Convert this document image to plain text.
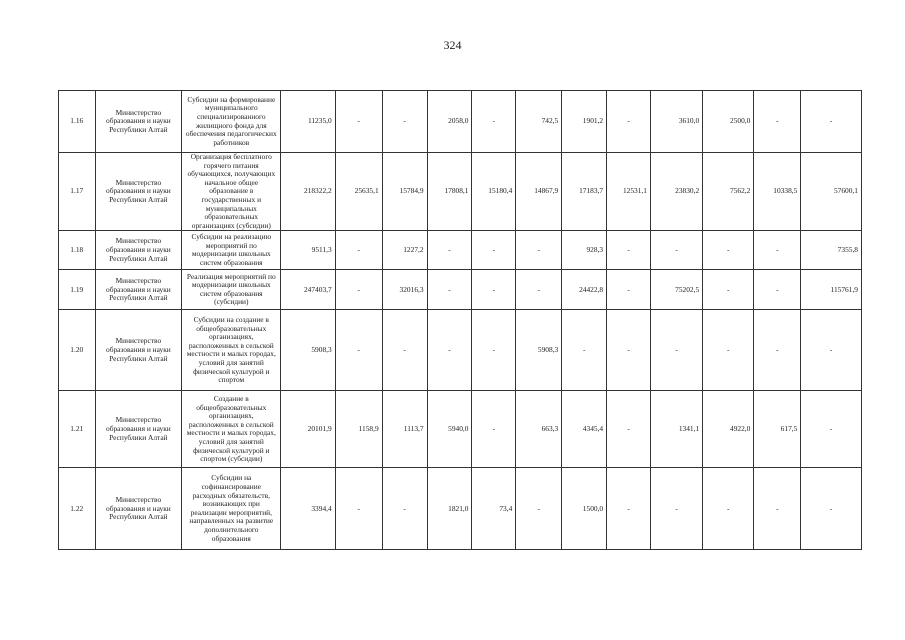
324
1.16	Министерство образования и науки Республики Алтай	Субсидии на формирование муниципального специализированного жилищного фонда для обеспечения педагогических работников	11235,0	-	-	2058,0	-	742,5	1901,2	-	3610,0	2500,0	-	-
1.17	Министерство образования и науки Республики Алтай	Организация бесплатного горячего питания обучающихся, получающих начальное общее образование в государственных и муниципальных образовательных организациях (субсидии)	218322,2	25635,1	15784,9	17808,1	15180,4	14867,9	17183,7	12531,1	23830,2	7562,2	10338,5	57600,1
1.18	Министерство образования и науки Республики Алтай	Субсидии на реализацию мероприятий по модернизации школьных систем образования	9511,3	-	1227,2	-	-	-	928,3	-	-	-	-	7355,8
1.19	Министерство образования и науки Республики Алтай	Реализация мероприятий по модернизации школьных систем образования (субсидии)	247403,7	-	32016,3	-	-	-	24422,8	-	75202,5	-	-	115761,9
1.20	Министерство образования и науки Республики Алтай	Субсидии на создание в общеобразовательных организациях, расположенных в сельской местности и малых городах, условий для занятий физической культурой и спортом	5908,3	-	-	-	-	5908,3	-	-	-	-	-	-
1.21	Министерство образования и науки Республики Алтай	Создание в общеобразовательных организациях, расположенных в сельской местности и малых городах, условий для занятий физической культурой и спортом (субсидии)	20101,9	1158,9	1113,7	5940,0	-	663,3	4345,4	-	1341,1	4922,0	617,5	-
1.22	Министерство образования и науки Республики Алтай	Субсидии на софинансирование расходных обязательств, возникающих при реализации мероприятий, направленных на развитие дополнительного образования	3394,4	-	-	1821,0	73,4	-	1500,0	-	-	-	-	-
